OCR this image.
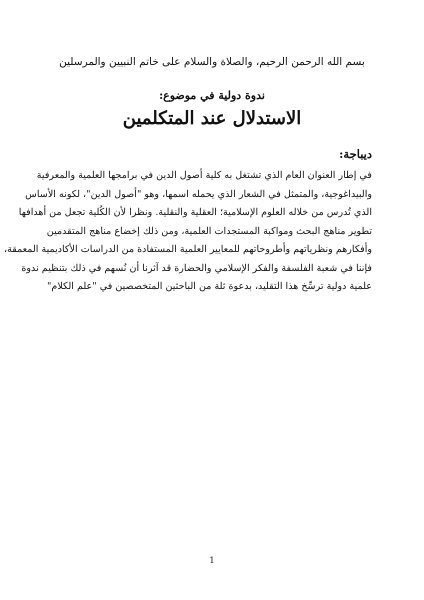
بسم الله الرحمن الرحيم، والصلاة والسلام على خاتم النبيين والمرسلين
ندوة دولية في موضوع:
الاستدلال عند المتكلمين
ديباجة:
في إطار العنوان العام الذي تشتغل به كلية أصول الدين في برامجها العلمية والمعرفية
والبيداغوجية، والمتمثل في الشعار الذي يحمله اسمها، وهو "أصول الدين"، لكونه الأساس
الذي تُدرس من خلاله العلوم الإسلامية؛ العقلية والنقلية. ونظرا لأن الكُلية تجعل من أهدافها
تطوير مناهج البحث ومواكبة المستجدات العلمية، ومن ذلك إخضاع مناهج المتقدمين
وأفكارهم ونظرياتهم وأطروحاتهم للمعايير العلمية المستفادة من الدراسات الأكاديمية المعمقة،
فإننا في شعبة الفلسفة والفكر الإسلامي والحضارة قد آثرنا أن نُسهم في ذلك بتنظيم ندوة
علمية دولية ترسِّخ هذا التقليد، بدعوة ثلة من الباحثين المتخصصين في "علم الكلام"
1
